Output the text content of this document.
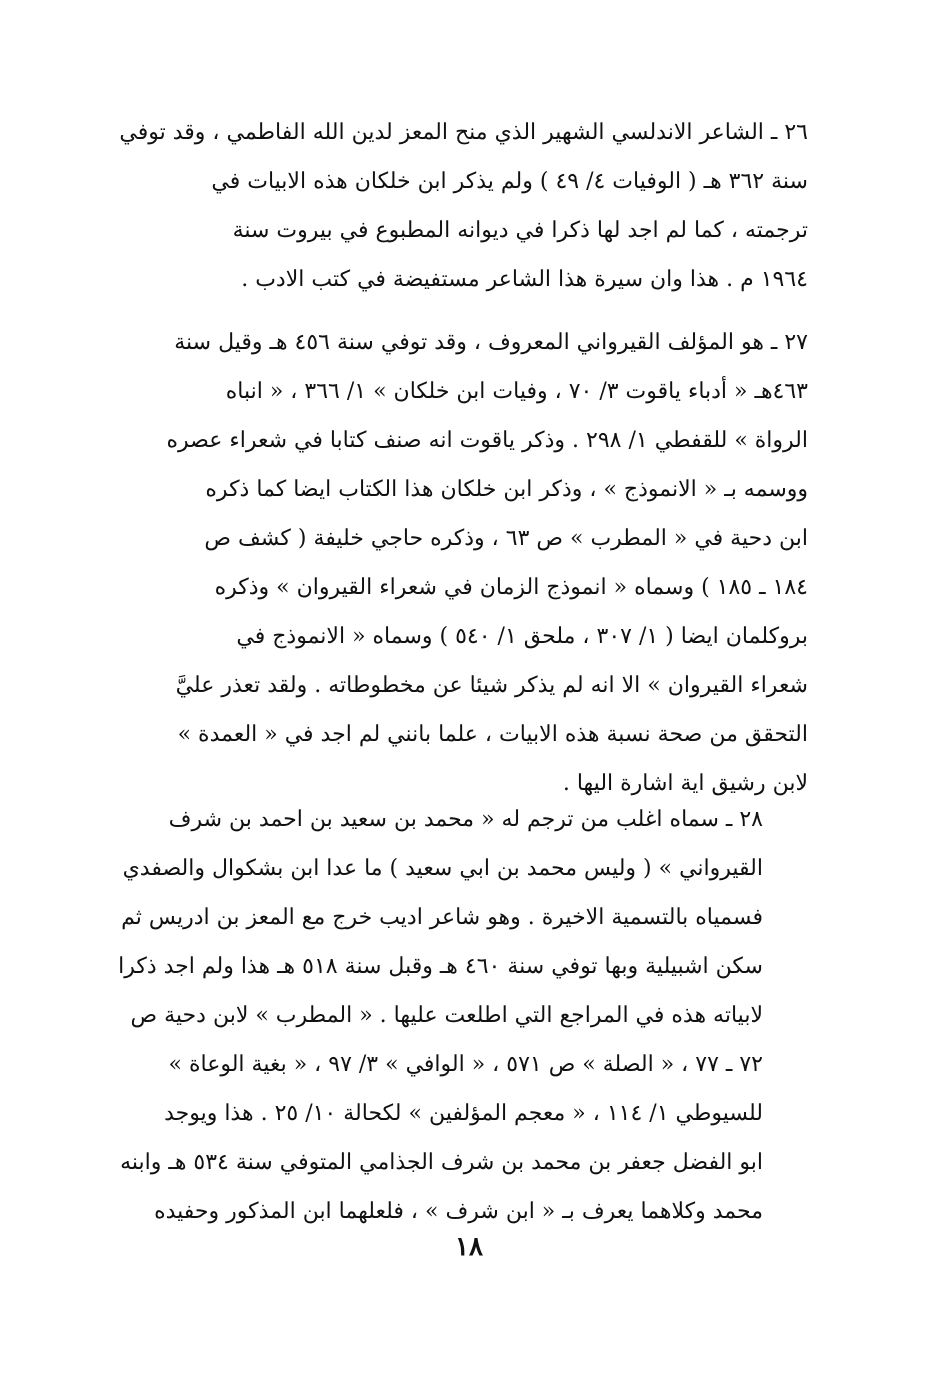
٢٦ ـ الشاعر الاندلسي الشهير الذي منح المعز لدين الله الفاطمي ، وقد توفي
سنة ٣٦٢ هـ ( الوفيات ٤/ ٤٩ ) ولم يذكر ابن خلكان هذه الابيات في
ترجمته ، كما لم اجد لها ذكرا في ديوانه المطبوع في بيروت سنة
١٩٦٤ م . هذا وان سيرة هذا الشاعر مستفيضة في كتب الادب .
٢٧ ـ هو المؤلف القيرواني المعروف ، وقد توفي سنة ٤٥٦ هـ وقيل سنة
٤٦٣هـ « أدباء ياقوت ٣/ ٧٠ ، وفيات ابن خلكان » ١/ ٣٦٦ ، « انباه
الرواة » للقفطي ١/ ٢٩٨ . وذكر ياقوت انه صنف كتابا في شعراء عصره
ووسمه بـ « الانموذج » ، وذكر ابن خلكان هذا الكتاب ايضا كما ذكره
ابن دحية في « المطرب » ص ٦٣ ، وذكره حاجي خليفة ( كشف ص
١٨٤ ـ ١٨٥ ) وسماه « انموذج الزمان في شعراء القيروان » وذكره
بروكلمان ايضا ( ١/ ٣٠٧ ، ملحق ١/ ٥٤٠ ) وسماه « الانموذج في
شعراء القيروان » الا انه لم يذكر شيئا عن مخطوطاته . ولقد تعذر عليَّ
التحقق من صحة نسبة هذه الابيات ، علما بانني لم اجد في « العمدة »
لابن رشيق اية اشارة اليها .
٢٨ ـ سماه اغلب من ترجم له « محمد بن سعيد بن احمد بن شرف
القيرواني » ( وليس محمد بن ابي سعيد ) ما عدا ابن بشكوال والصفدي
فسمياه بالتسمية الاخيرة . وهو شاعر اديب خرج مع المعز بن ادريس ثم
سكن اشبيلية وبها توفي سنة ٤٦٠ هـ وقبل سنة ٥١٨ هـ هذا ولم اجد ذكرا
لابياته هذه في المراجع التي اطلعت عليها . « المطرب » لابن دحية ص
٧٢ ـ ٧٧ ، « الصلة » ص ٥٧١ ، « الوافي » ٣/ ٩٧ ، « بغية الوعاة »
للسيوطي ١/ ١١٤ ، « معجم المؤلفين » لكحالة ١٠/ ٢٥ . هذا ويوجد
ابو الفضل جعفر بن محمد بن شرف الجذامي المتوفي سنة ٥٣٤ هـ وابنه
محمد وكلاهما يعرف بـ « ابن شرف » ، فلعلهما ابن المذكور وحفيده
١٨
